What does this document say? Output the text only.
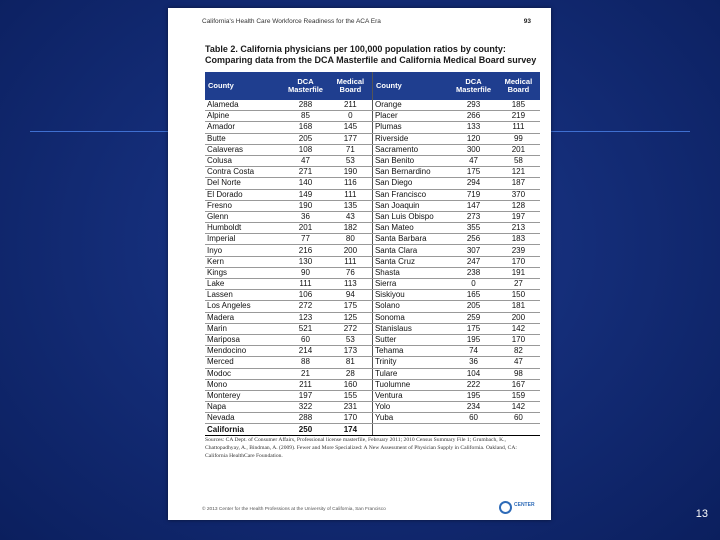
California's Health Care Workforce Readiness for the ACA Era	93
Table 2. California physicians per 100,000 population ratios by county: Comparing data from the DCA Masterfile and California Medical Board survey
County	DCA Masterfile	Medical Board	County	DCA Masterfile	Medical Board
Alameda	288	211	Orange	293	185
Alpine	85	0	Placer	266	219
Amador	168	145	Plumas	133	111
Butte	205	177	Riverside	120	99
Calaveras	108	71	Sacramento	300	201
Colusa	47	53	San Benito	47	58
Contra Costa	271	190	San Bernardino	175	121
Del Norte	140	116	San Diego	294	187
El Dorado	149	111	San Francisco	719	370
Fresno	190	135	San Joaquin	147	128
Glenn	36	43	San Luis Obispo	273	197
Humboldt	201	182	San Mateo	355	213
Imperial	77	80	Santa Barbara	256	183
Inyo	216	200	Santa Clara	307	239
Kern	130	111	Santa Cruz	247	170
Kings	90	76	Shasta	238	191
Lake	111	113	Sierra	0	27
Lassen	106	94	Siskiyou	165	150
Los Angeles	272	175	Solano	205	181
Madera	123	125	Sonoma	259	200
Marin	521	272	Stanislaus	175	142
Mariposa	60	53	Sutter	195	170
Mendocino	214	173	Tehama	74	82
Merced	88	81	Trinity	36	47
Modoc	21	28	Tulare	104	98
Mono	211	160	Tuolumne	222	167
Monterey	197	155	Ventura	195	159
Napa	322	231	Yolo	234	142
Nevada	288	170	Yuba	60	60
California	250	174			
Sources: CA Dept. of Consumer Affairs, Professional license masterfile, February 2011; 2010 Census Summary File 1; Grumbach, K., Chattopadhyay, A., Bindman, A. (2009). Fewer and More Specialized: A New Assessment of Physician Supply in California. Oakland, CA: California HealthCare Foundation.
© 2013 Center for the Health Professions at the University of California, San Francisco
CENTER
13
